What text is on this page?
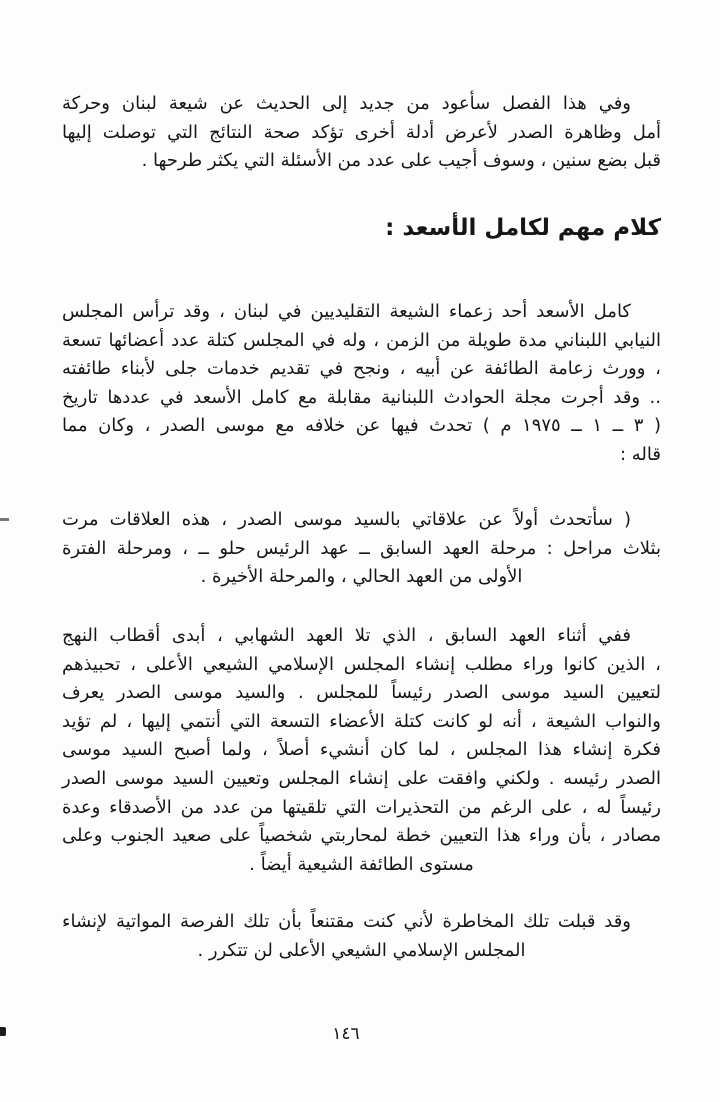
وفي هذا الفصل سأعود من جديد إلى الحديث عن شيعة لبنان وحركة
أمل وظاهرة الصدر لأعرض أدلة أخرى تؤكد صحة النتائج التي توصلت إليها
قبل بضع سنين ، وسوف أجيب على عدد من الأسئلة التي يكثر طرحها .
كلام مهم لكامل الأسعد :
كامل الأسعد أحد زعماء الشيعة التقليديين في لبنان ، وقد ترأس المجلس
النيابي اللبناني مدة طويلة من الزمن ، وله في المجلس كتلة عدد أعضائها تسعة
، وورث زعامة الطائفة عن أبيه ، ونجح في تقديم خدمات جلى لأبناء طائفته
.. وقد أجرت مجلة الحوادث اللبنانية مقابلة مع كامل الأسعد في عددها تاريخ
( ٣ ــ ١ ــ ١٩٧٥ م ) تحدث فيها عن خلافه مع موسى الصدر ، وكان مما
قاله :
( سأتحدث أولاً عن علاقاتي بالسيد موسى الصدر ، هذه العلاقات مرت
بثلاث مراحل : مرحلة العهد السابق ــ عهد الرئيس حلو ــ ، ومرحلة الفترة
الأولى من العهد الحالي ، والمرحلة الأخيرة .
ففي أثناء العهد السابق ، الذي تلا العهد الشهابي ، أبدى أقطاب النهج
، الذين كانوا وراء مطلب إنشاء المجلس الإسلامي الشيعي الأعلى ، تحبيذهم
لتعيين السيد موسى الصدر رئيساً للمجلس . والسيد موسى الصدر يعرف
والنواب الشيعة ، أنه لو كانت كتلة الأعضاء التسعة التي أنتمي إليها ، لم تؤيد
فكرة إنشاء هذا المجلس ، لما كان أنشيء أصلاً ، ولما أصبح السيد موسى
الصدر رئيسه . ولكني وافقت على إنشاء المجلس وتعيين السيد موسى الصدر
رئيساً له ، على الرغم من التحذيرات التي تلقيتها من عدد من الأصدقاء وعدة
مصادر ، بأن وراء هذا التعيين خطة لمحاربتي شخصياً على صعيد الجنوب وعلى
مستوى الطائفة الشيعية أيضاً .
وقد قبلت تلك المخاطرة لأني كنت مقتنعاً بأن تلك الفرصة المواتية لإنشاء
المجلس الإسلامي الشيعي الأعلى لن تتكرر .
١٤٦
